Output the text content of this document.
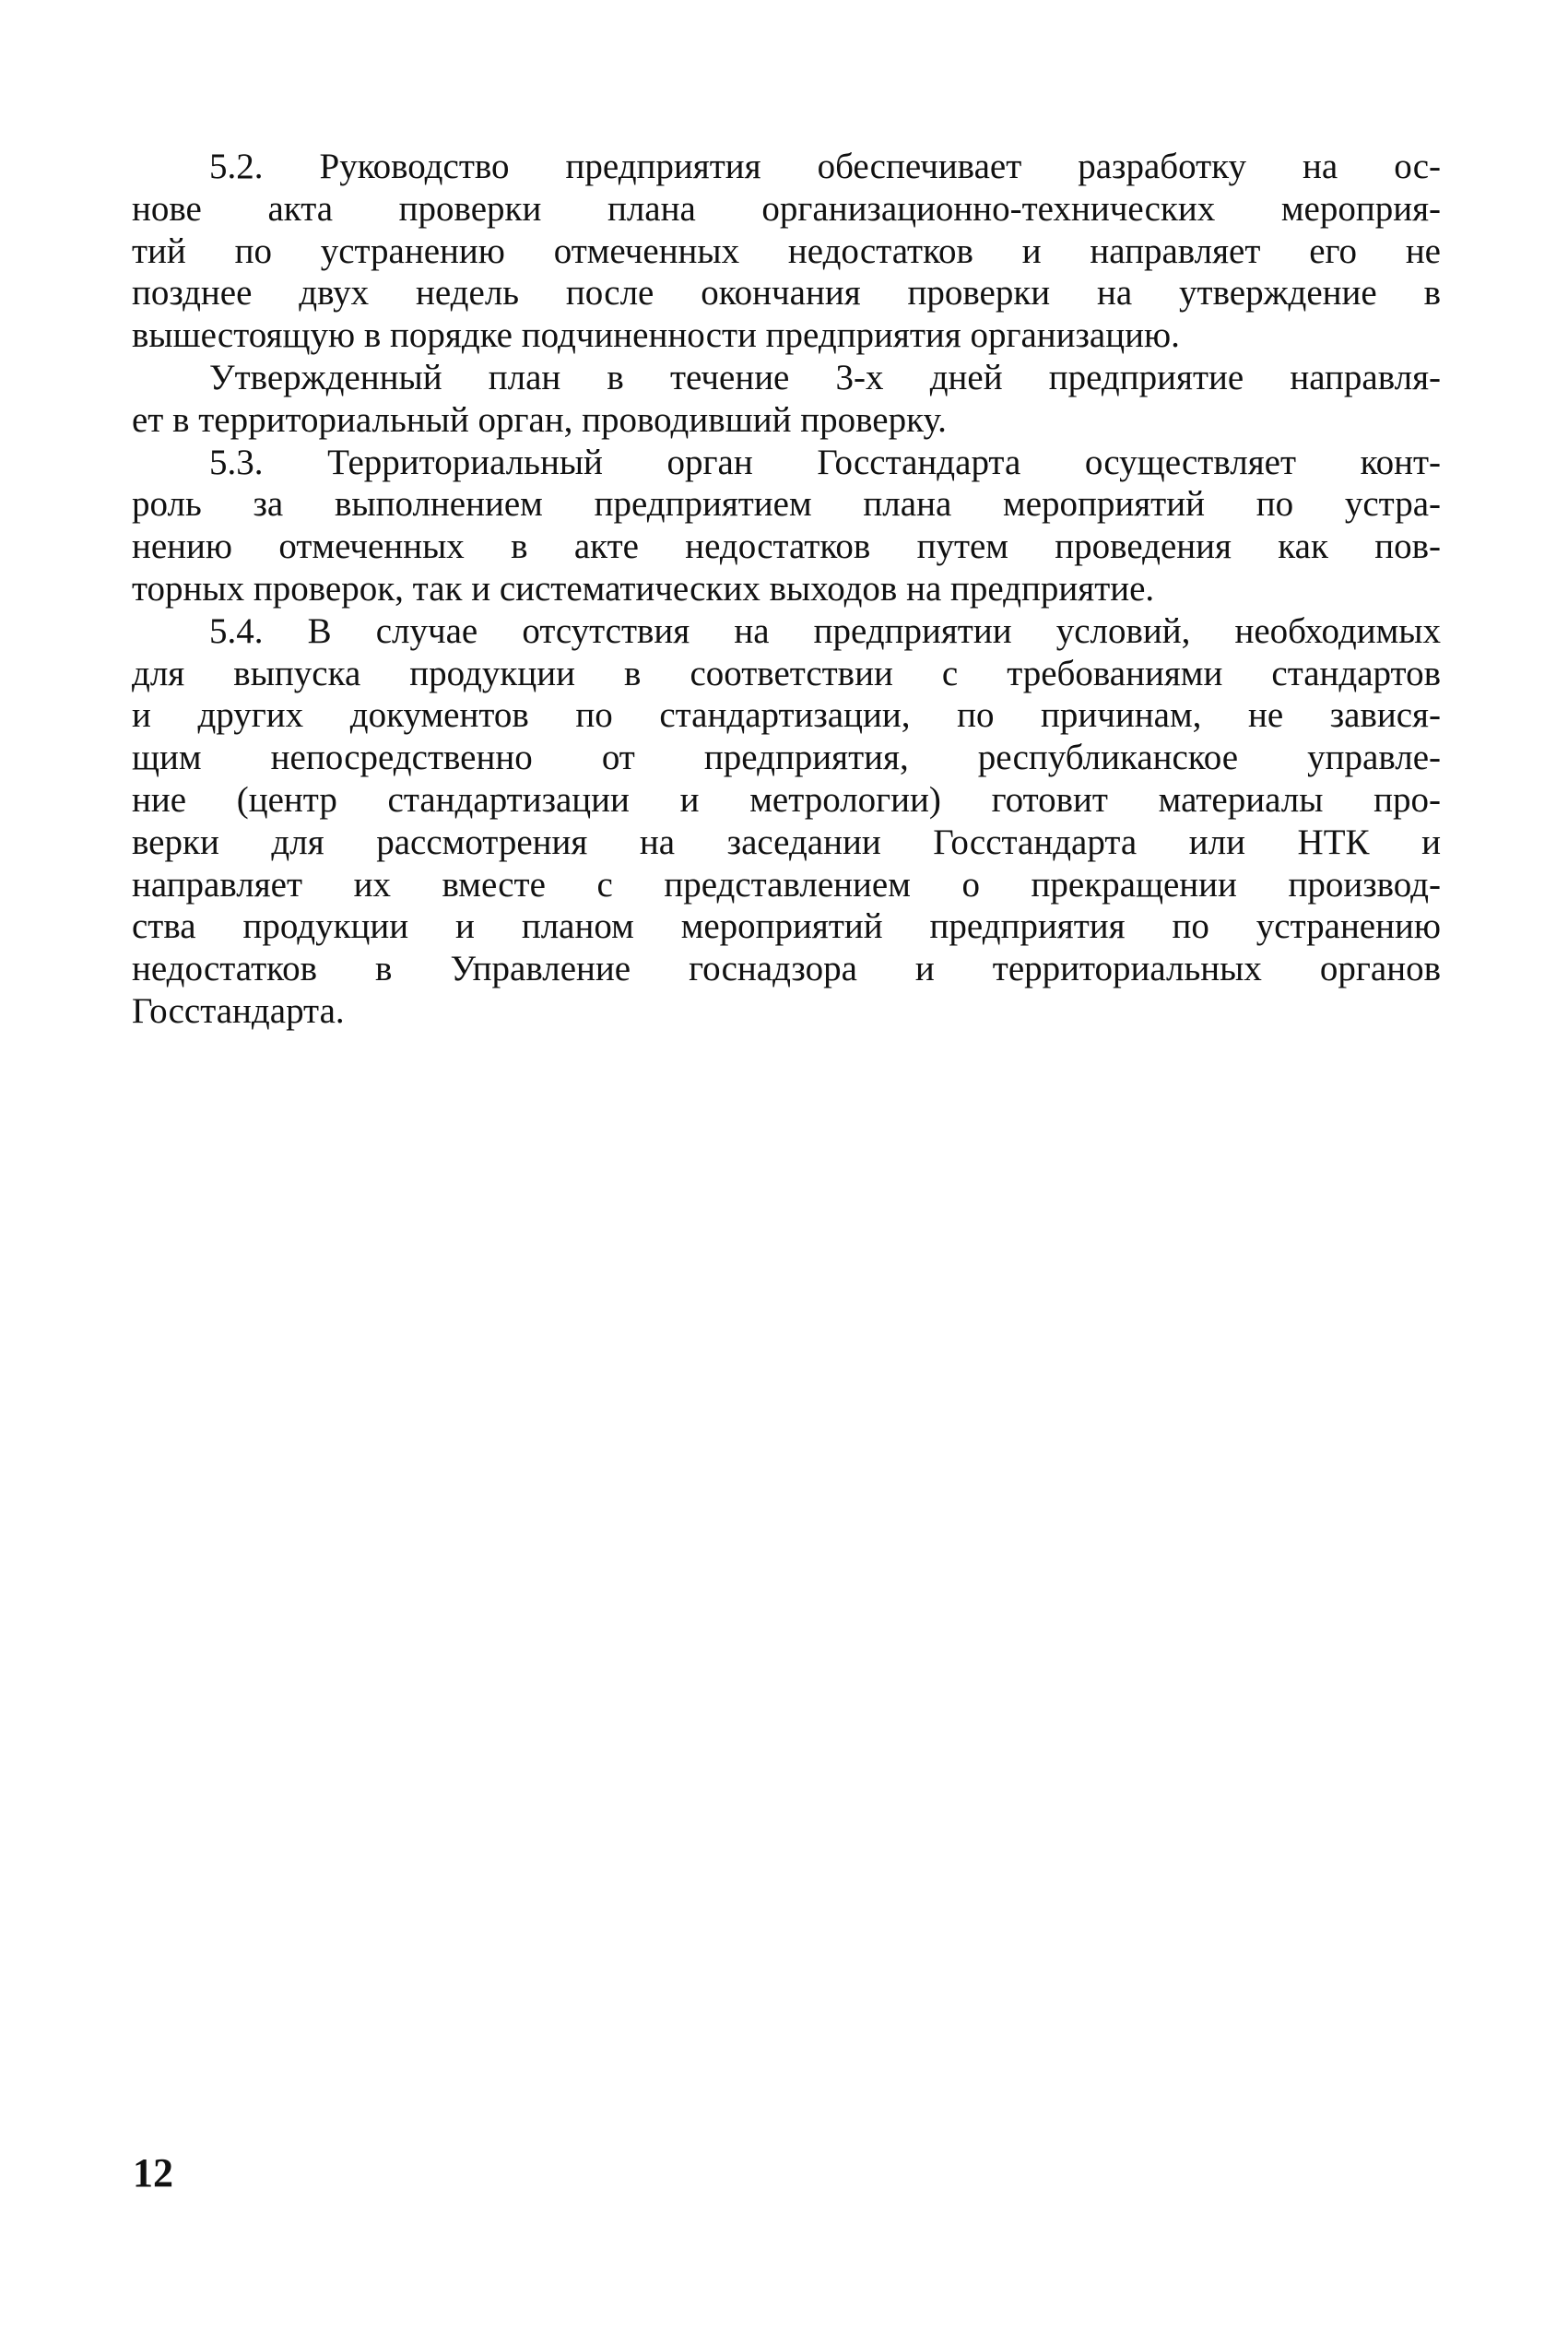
5.2. Руководство предприятия обеспечивает разработку на ос-
нове акта проверки плана организационно-технических мероприя-
тий по устранению отмеченных недостатков и направляет его не
позднее двух недель после окончания проверки на утверждение в
вышестоящую в порядке подчиненности предприятия организацию.
Утвержденный план в течение 3-х дней предприятие направля-
ет в территориальный орган, проводивший проверку.
5.3. Территориальный орган Госстандарта осуществляет конт-
роль за выполнением предприятием плана мероприятий по устра-
нению отмеченных в акте недостатков путем проведения как пов-
торных проверок, так и систематических выходов на предприятие.
5.4. В случае отсутствия на предприятии условий, необходимых
для выпуска продукции в соответствии с требованиями стандартов
и других документов по стандартизации, по причинам, не завися-
щим непосредственно от предприятия, республиканское управле-
ние (центр стандартизации и метрологии) готовит материалы про-
верки для рассмотрения на заседании Госстандарта или НТК и
направляет их вместе с представлением о прекращении производ-
ства продукции и планом мероприятий предприятия по устранению
недостатков в Управление госнадзора и территориальных органов
Госстандарта.
12
